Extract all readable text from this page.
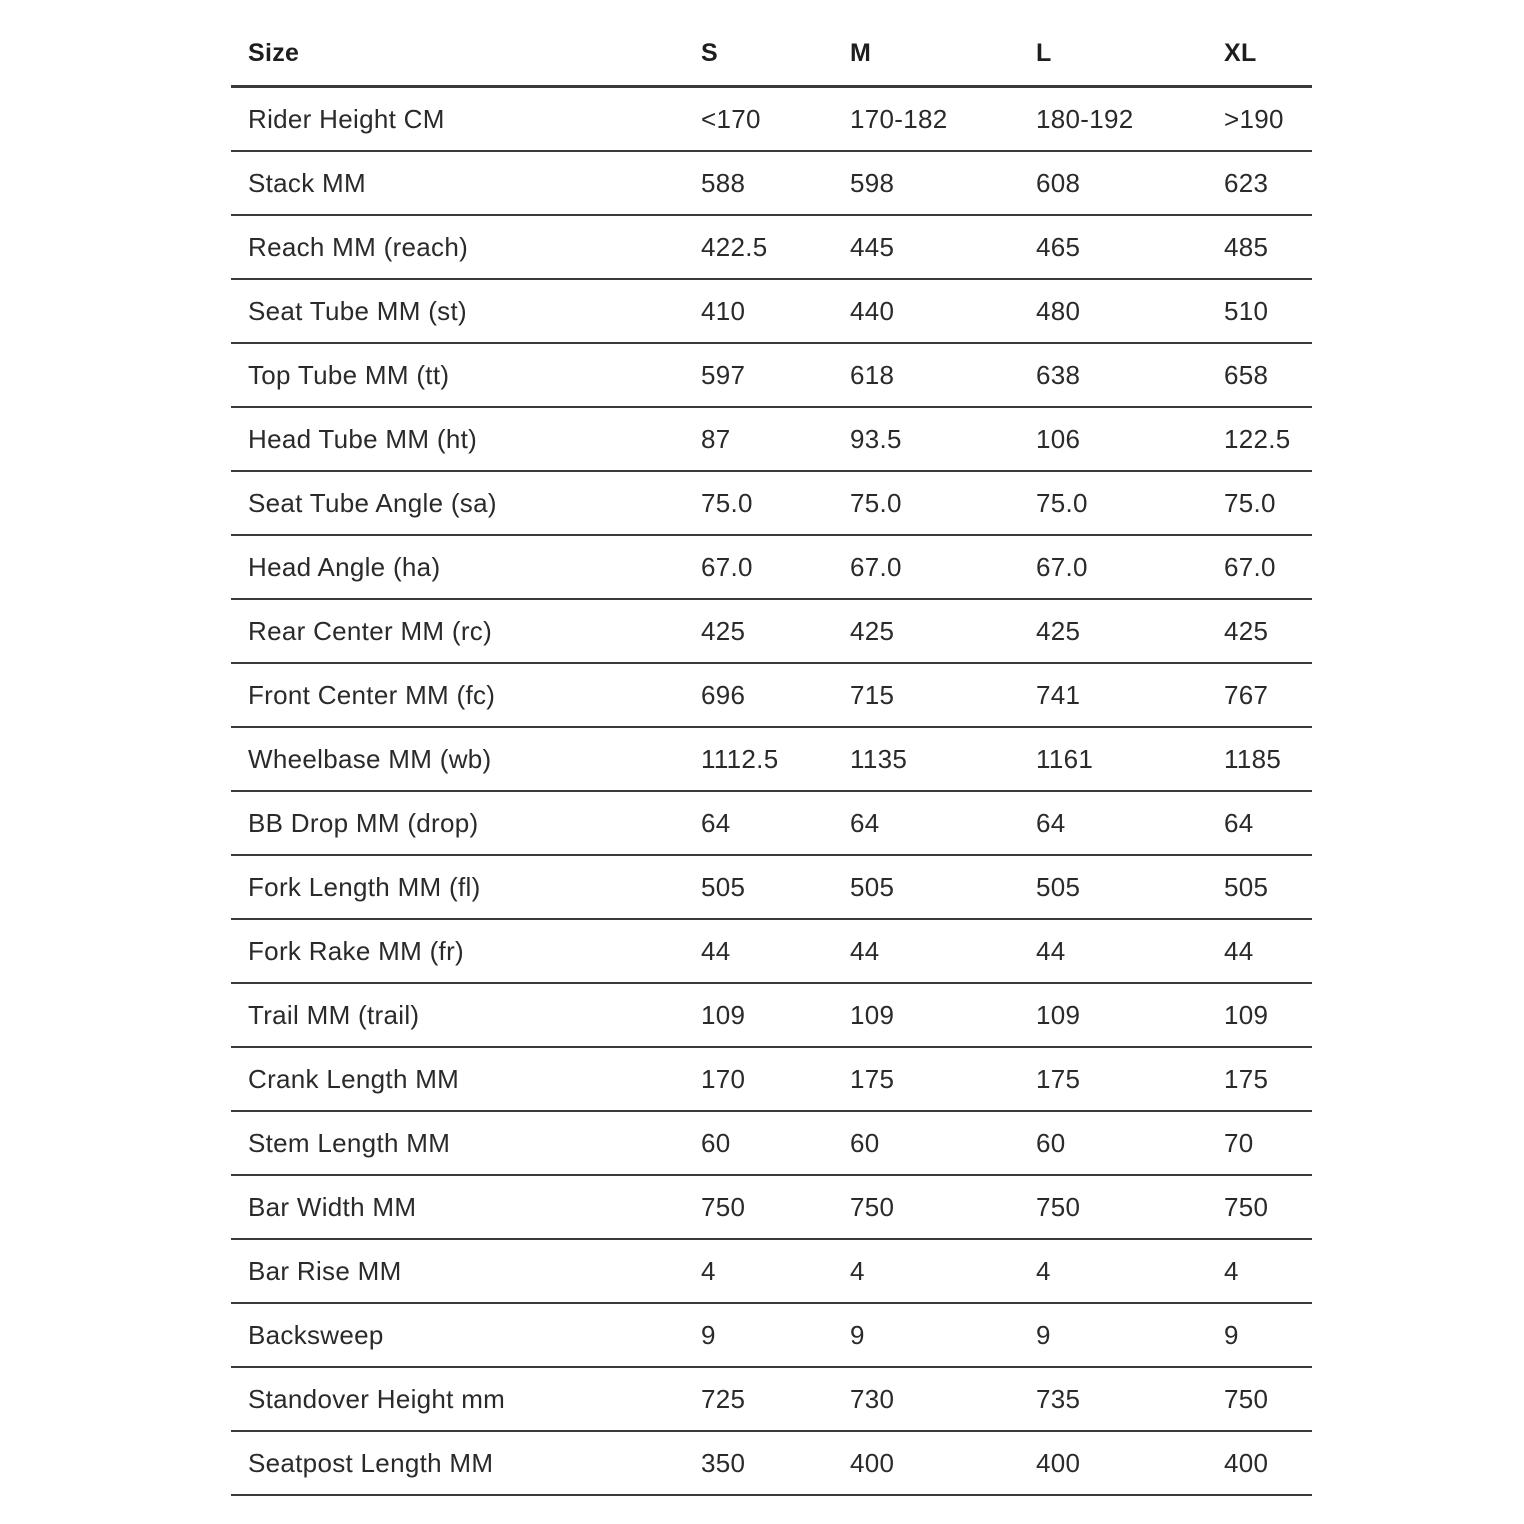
Size	S	M	L	XL
Rider Height CM	<170	170-182	180-192	>190
Stack MM	588	598	608	623
Reach MM (reach)	422.5	445	465	485
Seat Tube MM (st)	410	440	480	510
Top Tube MM (tt)	597	618	638	658
Head Tube MM (ht)	87	93.5	106	122.5
Seat Tube Angle (sa)	75.0	75.0	75.0	75.0
Head Angle (ha)	67.0	67.0	67.0	67.0
Rear Center MM (rc)	425	425	425	425
Front Center MM (fc)	696	715	741	767
Wheelbase MM (wb)	1112.5	1135	1161	1185
BB Drop MM (drop)	64	64	64	64
Fork Length MM (fl)	505	505	505	505
Fork Rake MM (fr)	44	44	44	44
Trail MM (trail)	109	109	109	109
Crank Length MM	170	175	175	175
Stem Length MM	60	60	60	70
Bar Width MM	750	750	750	750
Bar Rise MM	4	4	4	4
Backsweep	9	9	9	9
Standover Height mm	725	730	735	750
Seatpost Length MM	350	400	400	400
